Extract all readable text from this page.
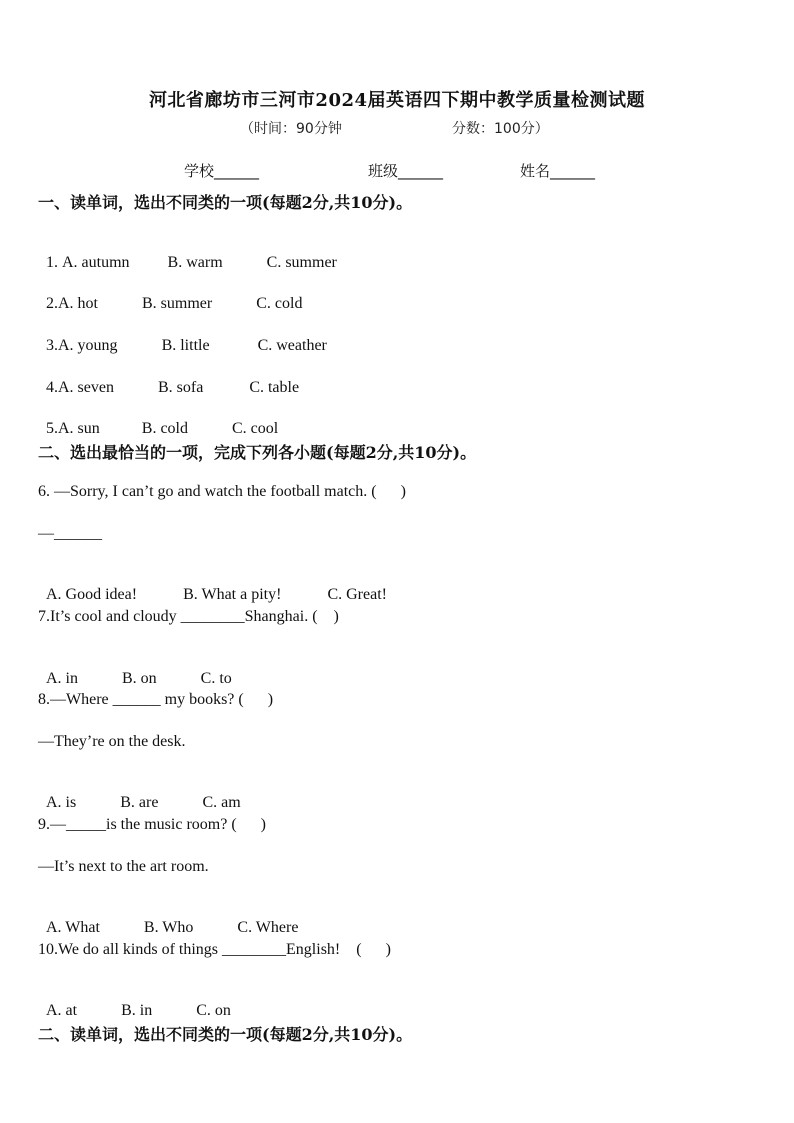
河北省廊坊市三河市2024届英语四下期中教学质量检测试题
（时间：90分钟	分数：100分）
学校______	班级______	姓名______
一、读单词，选出不同类的一项(每题2分,共10分)。

1. A. autumn B. warm	C. summer

2.A. hot	B. summer	C. cold

3.A. young	B. little	C. weather

4.A. seven	B. sofa	C. table

5.A. sun	B. cold	C. cool

二、选出最恰当的一项，完成下列各小题(每题2分,共10分)。
6. —Sorry, I can’t go and watch the football match. (      )
—______

A. Good idea!	B. What a pity!	C. Great!

7.It’s cool and cloudy ________Shanghai. (    )

A. in	B. on	C. to

8.—Where ______ my books? (      )
—They’re on the desk.

A. is	B. are	C. am

9.—_____is the music room? (      )
—It’s next to the art room.

A. What	B. Who	C. Where

10.We do all kinds of things ________English!    (      )

A. at	B. in	C. on

二、读单词，选出不同类的一项(每题2分,共10分)。
